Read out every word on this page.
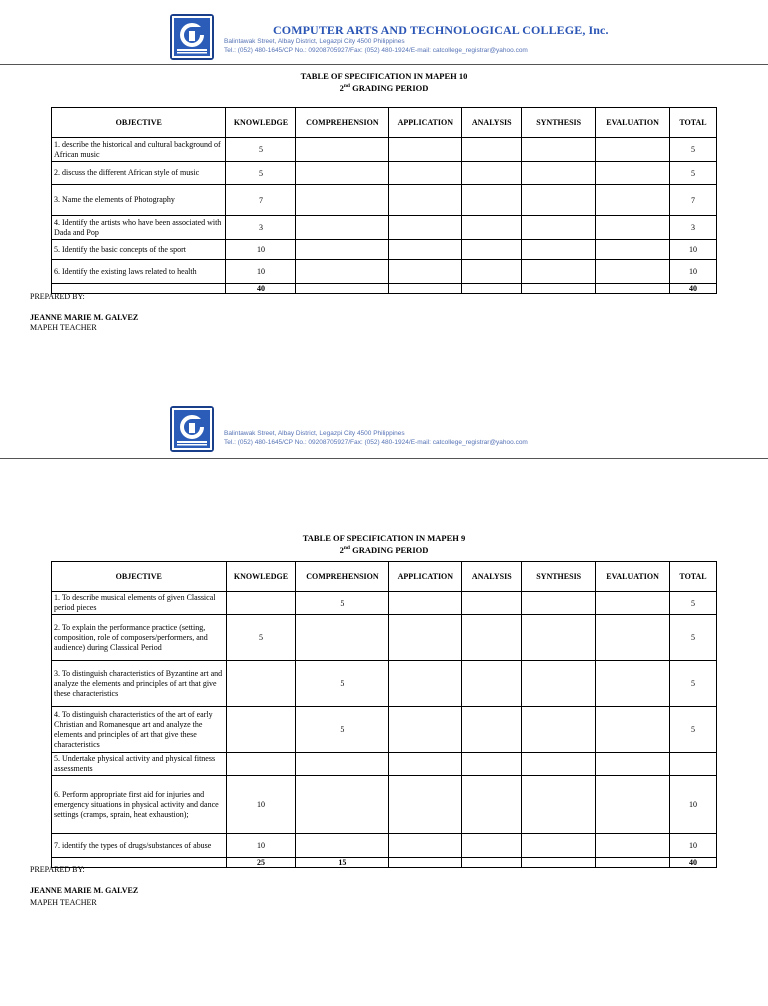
COMPUTER ARTS AND TECHNOLOGICAL COLLEGE, Inc.
Balintawak Street, Albay District, Legazpi City 4500 Philippines
Tel.: (052) 480-1645/CP No.: 09208705927/Fax: (052) 480-1924/E-mail: catcollege_registrar@yahoo.com
TABLE OF SPECIFICATION IN MAPEH 10
2nd GRADING PERIOD
OBJECTIVE	KNOWLEDGE	COMPREHENSION	APPLICATION	ANALYSIS	SYNTHESIS	EVALUATION	TOTAL
1. describe the historical and cultural background of African music	5						5
2. discuss the different African style of music	5						5
3. Name the elements of Photography	7						7
4. Identify the artists who have been associated with Dada and Pop	3						3
5. Identify the basic concepts of the sport	10						10
6. Identify the existing laws related to health	10						10
	40						40
PREPARED BY:
JEANNE MARIE M. GALVEZ
MAPEH TEACHER
Balintawak Street, Albay District, Legazpi City 4500 Philippines
Tel.: (052) 480-1645/CP No.: 09208705927/Fax: (052) 480-1924/E-mail: catcollege_registrar@yahoo.com
TABLE OF SPECIFICATION IN MAPEH 9
2nd GRADING PERIOD
OBJECTIVE	KNOWLEDGE	COMPREHENSION	APPLICATION	ANALYSIS	SYNTHESIS	EVALUATION	TOTAL
1. To describe musical elements of given Classical period pieces		5					5
2. To explain the performance practice (setting, composition, role of composers/performers, and audience) during Classical Period	5						5
3. To distinguish characteristics of Byzantine art and analyze the elements and principles of art that give these characteristics		5					5
4. To distinguish characteristics of the art of early Christian and Romanesque art and analyze the elements and principles of art that give these characteristics		5					5
5. Undertake physical activity and physical fitness assessments							
6. Perform appropriate first aid for injuries and emergency situations in physical activity and dance settings (cramps, sprain, heat exhaustion);	10						10
7. identify the types of drugs/substances of abuse	10						10
	25	15					40
PREPARED BY:
JEANNE MARIE M. GALVEZ
MAPEH TEACHER
